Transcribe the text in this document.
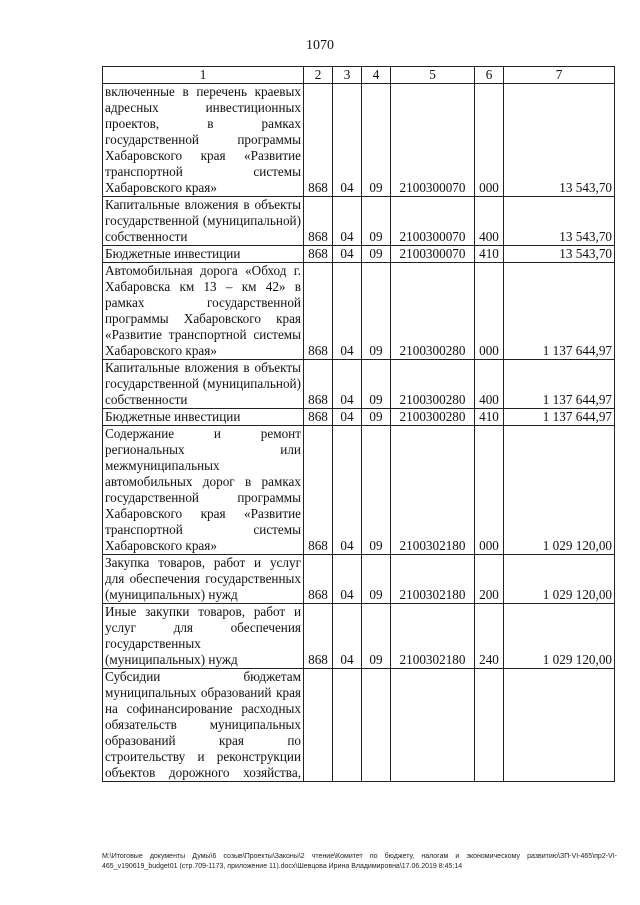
1070
1	2	3	4	5	6	7
включенные в перечень краевых адресных инвестиционных проектов, в рамках государственной программы Хабаровского края «Развитие транспортной системы Хабаровского края»	868	04	09	2100300070	000	13 543,70
Капитальные вложения в объекты государственной (муниципальной) собственности	868	04	09	2100300070	400	13 543,70
Бюджетные инвестиции	868	04	09	2100300070	410	13 543,70
Автомобильная дорога «Обход г. Хабаровска км 13 – км 42» в рамках государственной программы Хабаровского края «Развитие транспортной системы Хабаровского края»	868	04	09	2100300280	000	1 137 644,97
Капитальные вложения в объекты государственной (муниципальной) собственности	868	04	09	2100300280	400	1 137 644,97
Бюджетные инвестиции	868	04	09	2100300280	410	1 137 644,97
Содержание и ремонт региональных или межмуниципальных автомобильных дорог в рамках государственной программы Хабаровского края «Развитие транспортной системы Хабаровского края»	868	04	09	2100302180	000	1 029 120,00
Закупка товаров, работ и услуг для обеспечения государственных (муниципальных) нужд	868	04	09	2100302180	200	1 029 120,00
Иные закупки товаров, работ и услуг для обеспечения государственных (муниципальных) нужд	868	04	09	2100302180	240	1 029 120,00
Субсидии бюджетам муниципальных образований края на софинансирование расходных обязательств муниципальных образований края по строительству и реконструкции объектов дорожного хозяйства,						
M:\Итоговые документы Думы\6 созыв\Проекты\Законы\2 чтение\Комитет по бюджету, налогам и экономическому развитию\ЗП-VI-465\пр2-VI-465_v190619_budget01 (стр.709-1173, приложение 11).docx\Шевцова Ирина Владимировна\17.06.2019 8:45:14
